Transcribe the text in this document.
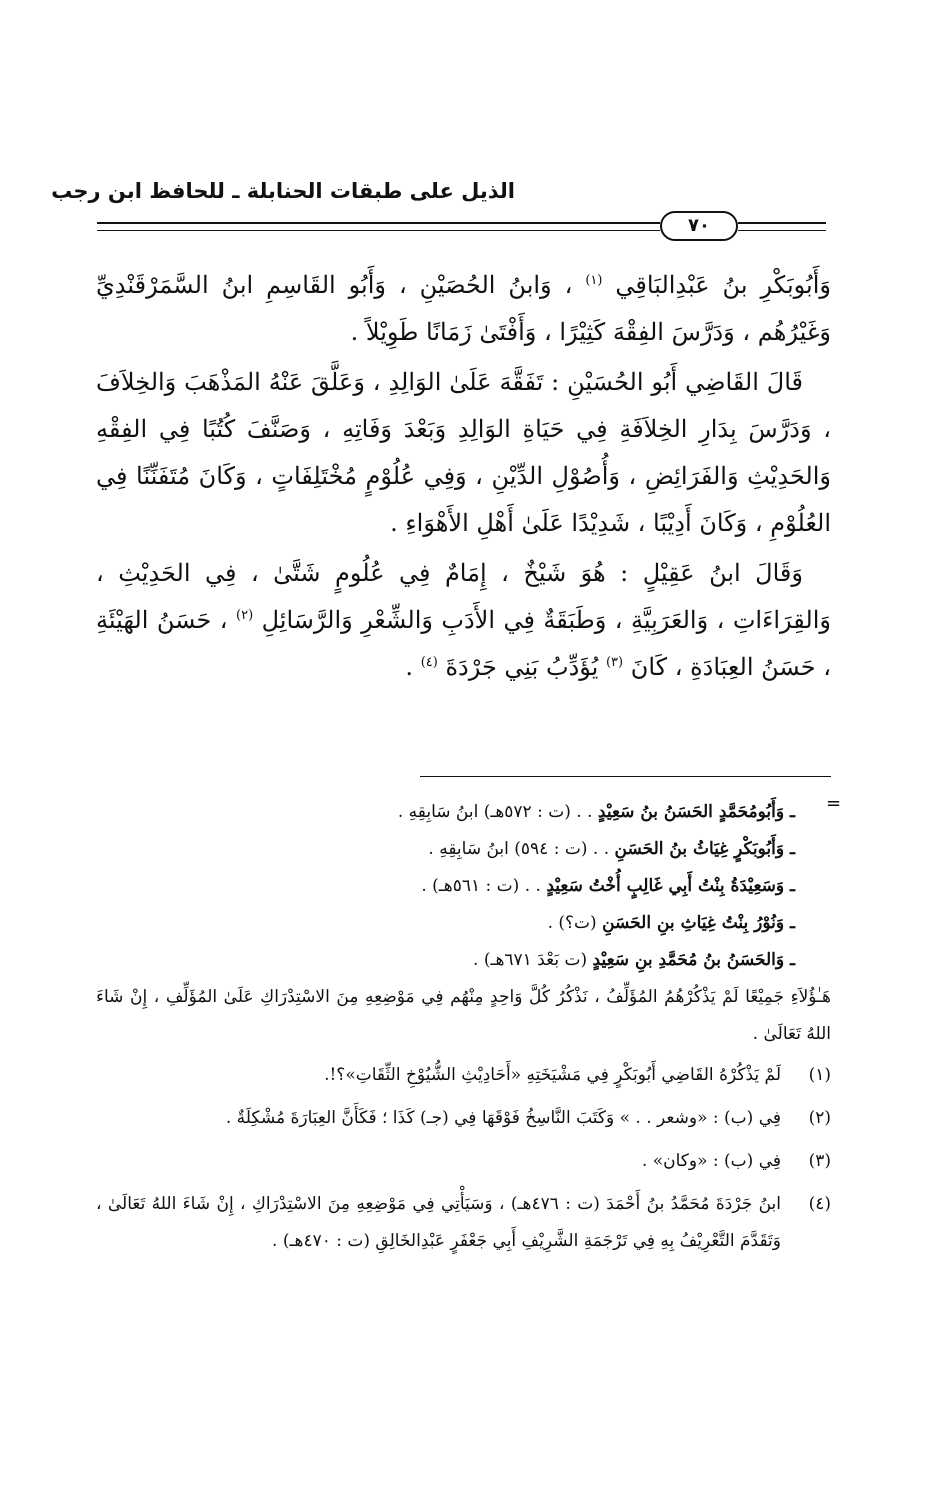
الذيل على طبقات الحنابلة ـ للحافظ ابن رجب
٧٠

وَأَبُوبَكْرِ بنُ عَبْدِالبَاقِي $^{(١)}$ ، وَابنُ الحُصَيْنِ ، وَأَبُو القَاسِمِ ابنُ السَّمَرْقَنْدِيِّ وَغَيْرُهُم ، وَدَرَّسَ الفِقْهَ كَثِيْرًا ، وَأَفْتَىٰ زَمَانًا طَوِيْلاً .

قَالَ القَاضِي أَبُو الحُسَيْنِ : تَفَقَّهَ عَلَىٰ الوَالِدِ ، وَعَلَّقَ عَنْهُ المَذْهَبَ وَالخِلاَفَ ، وَدَرَّسَ بِدَارِ الخِلاَفَةِ فِي حَيَاةِ الوَالِدِ وَبَعْدَ وَفَاتِهِ ، وَصَنَّفَ كُتُبًا فِي الفِقْهِ وَالحَدِيْثِ وَالفَرَائِضِ ، وَأُصُوْلِ الدِّيْنِ ، وَفِي عُلُوْمٍ مُخْتَلِفَاتٍ ، وَكَانَ مُتَفَنِّنًا فِي العُلُوْمِ ، وَكَانَ أَدِيْبًا ، شَدِيْدًا عَلَىٰ أَهْلِ الأَهْوَاءِ .

وَقَالَ ابنُ عَقِيْلٍ : هُوَ شَيْخٌ ، إِمَامٌ فِي عُلُومٍ شَتَّىٰ ، فِي الحَدِيْثِ ، وَالقِرَاءَاتِ ، وَالعَرَبِيَّةِ ، وَطَبَقَةٌ فِي الأَدَبِ وَالشِّعْرِ وَالرَّسَائِلِ $^{(٢)}$ ، حَسَنُ الهَيْئَةِ ، حَسَنُ العِبَادَةِ ، كَانَ $^{(٣)}$ يُؤَدِّبُ بَنِي جَرْدَةَ $^{(٤)}$ .

=
ـ وَأَبُومُحَمَّدٍ الحَسَنُ بنُ سَعِيْدٍ . . (ت : ٥٧٢هـ) ابنُ سَابِقِهِ .
ـ وَأَبُوبَكْرٍ غِيَاثُ بنُ الحَسَنِ . . (ت : ٥٩٤) ابنُ سَابِقِهِ .
ـ وَسَعِيْدَةُ بِنْتُ أَبِي غَالِبٍ أُخْتُ سَعِيْدٍ . . (ت : ٥٦١هـ) .
ـ وَنُوْرُ بِنْتُ غِيَاثِ بنِ الحَسَنِ (ت؟) .
ـ وَالحَسَنُ بنُ مُحَمَّدِ بنِ سَعِيْدٍ (ت بَعْدَ ٦٧١هـ) .

هَـٰؤُلاَءِ جَمِيْعًا لَمْ يَذْكُرْهُمُ المُؤَلِّفُ ، نَذْكُرُ كُلَّ وَاحِدٍ مِنْهُم فِي مَوْضِعِهِ مِنَ الاسْتِدْرَاكِ عَلَىٰ المُؤَلِّفِ ، إِنْ شَاءَ اللهُ تَعَالَىٰ .

(١)
لَمْ يَذْكُرْهُ القَاضِي أَبُوبَكْرٍ فِي مَشْيَخَتِهِ «أَحَادِيْثِ الشُّيُوْخِ الثِّقَاتِ»؟!.
(٢)
فِي (ب) : «وشعر . . » وَكَتَبَ النَّاسِخُ فَوْقَهَا فِي (جـ) كَذَا ؛ فَكَأَنَّ العِبَارَةَ مُشْكِلَةٌ .
(٣)
فِي (ب) : «وكان» .
(٤)
ابنُ جَرْدَةَ مُحَمَّدُ بنُ أَحْمَدَ (ت : ٤٧٦هـ) ، وَسَيَأْتِي فِي مَوْضِعِهِ مِنَ الاسْتِدْرَاكِ ، إِنْ شَاءَ اللهُ تَعَالَىٰ ، وَتَقَدَّمَ التَّعْرِيْفُ بِهِ فِي تَرْجَمَةِ الشَّرِيْفِ أَبِي جَعْفَرٍ عَبْدِالخَالِقِ (ت : ٤٧٠هـ) .
